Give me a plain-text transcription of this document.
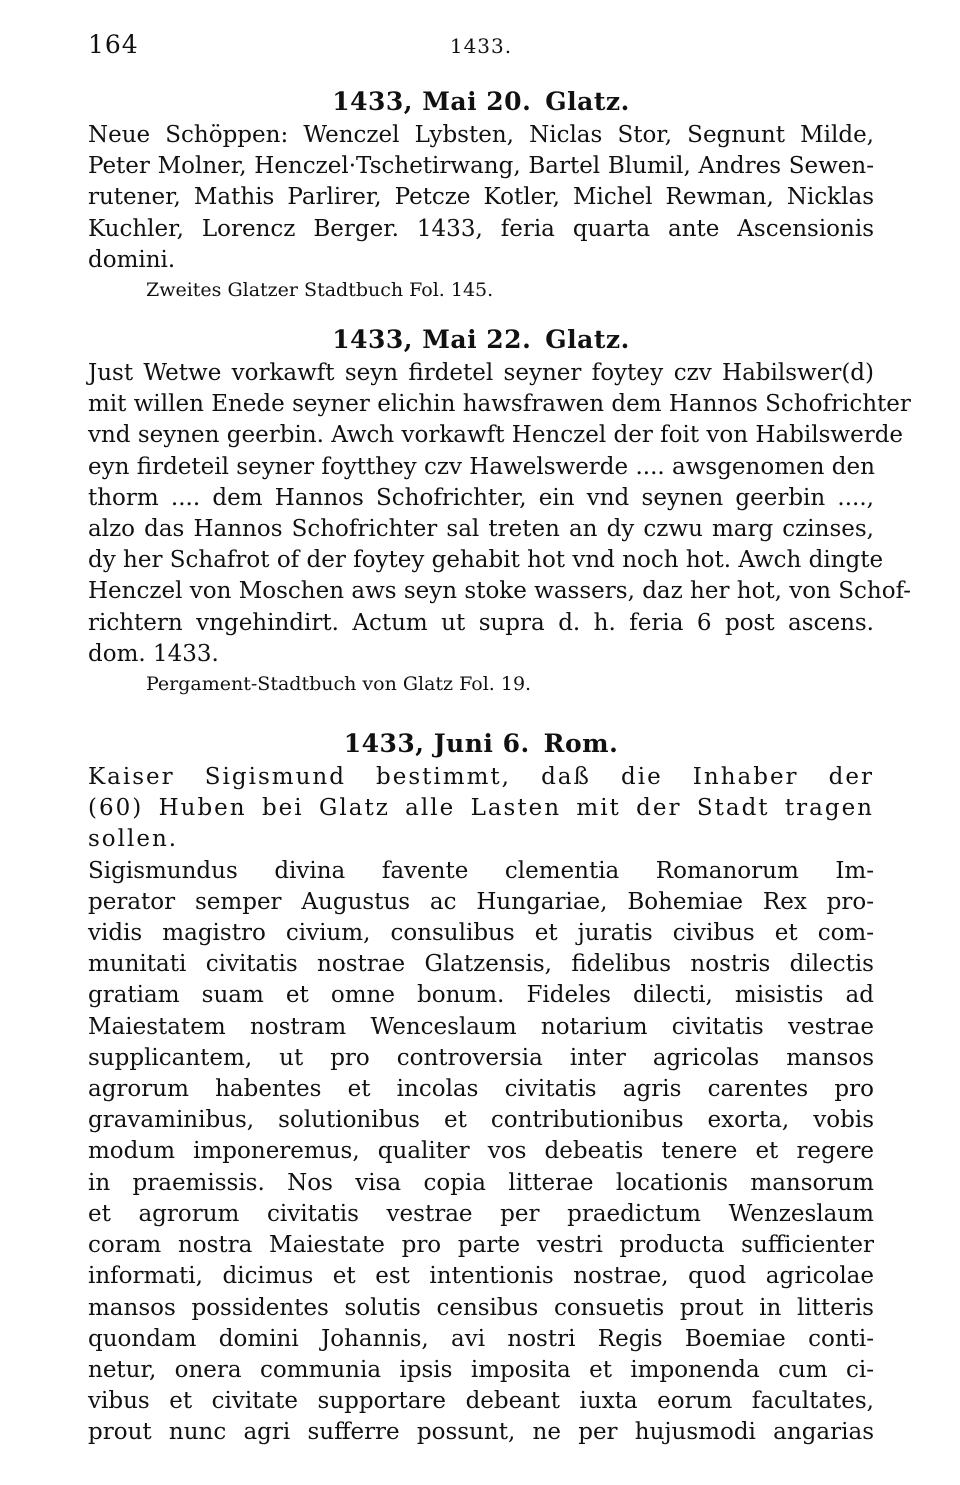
164	1433.
1433, Mai 20. Glatz.

Neue Schöppen: Wenczel Lybsten, Niclas Stor, Segnunt Milde,
Peter Molner, Henczel·Tschetirwang, Bartel Blumil, Andres Sewen-
rutener, Mathis Parlirer, Petcze Kotler, Michel Rewman, Nicklas
Kuchler, Lorencz Berger. 1433, feria quarta ante Ascensionis
domini.

Zweites Glatzer Stadtbuch Fol. 145.

1433, Mai 22. Glatz.

Just Wetwe vorkawft seyn firdetel seyner foyteу czv Habilswer(d)
mit willen Enede seyner elichin hawsfrawen dem Hannos Schofrichter
vnd seynen geerbin. Awch vorkawft Henczel der foit von Habilswerde
eyn firdeteil seyner foytthey czv Hawelswerde .... awsgenomen den
thorm .... dem Hannos Schofrichter, ein vnd seynen geerbin ....,
alzo das Hannos Schofrichter sal treten an dy czwu marg czinses,
dy her Schafrot of der foytey gehabit hot vnd noch hot. Awch dingte
Henczel von Moschen aws seyn stoke wassers, daz her hot, von Schof-
richtern vngehindirt. Actum ut supra d. h. feria 6 post ascens.
dom. 1433.

Pergament-Stadtbuch von Glatz Fol. 19.

1433, Juni 6. Rom.

Kaiser Sigismund bestimmt, daß die Inhaber der
(60) Huben bei Glatz alle Lasten mit der Stadt tragen
sollen.

Sigismundus divina favente clementia Romanorum Im-
perator semper Augustus ac Hungariae, Bohemiae Rex pro-
vidis magistro civium, consulibus et juratis civibus et com-
munitati civitatis nostrae Glatzensis, fidelibus nostris dilectis
gratiam suam et omne bonum. Fideles dilecti, misistis ad
Maiestatem nostram Wenceslaum notarium civitatis vestrae
supplicantem, ut pro controversia inter agricolas mansos
agrorum habentes et incolas civitatis agris carentes pro
gravaminibus, solutionibus et contributionibus exorta, vobis
modum imponeremus, qualiter vos debeatis tenere et regere
in praemissis. Nos visa copia litterae locationis mansorum
et agrorum civitatis vestrae per praedictum Wenzeslaum
coram nostra Maiestate pro parte vestri producta sufficienter
informati, dicimus et est intentionis nostrae, quod agricolae
mansos possidentes solutis censibus consuetis prout in litteris
quondam domini Johannis, avi nostri Regis Boemiae conti-
netur, onera communia ipsis imposita et imponenda cum ci-
vibus et civitate supportare debeant iuxta eorum facultates,
prout nunc agri sufferre possunt, ne per hujusmodi angarias
